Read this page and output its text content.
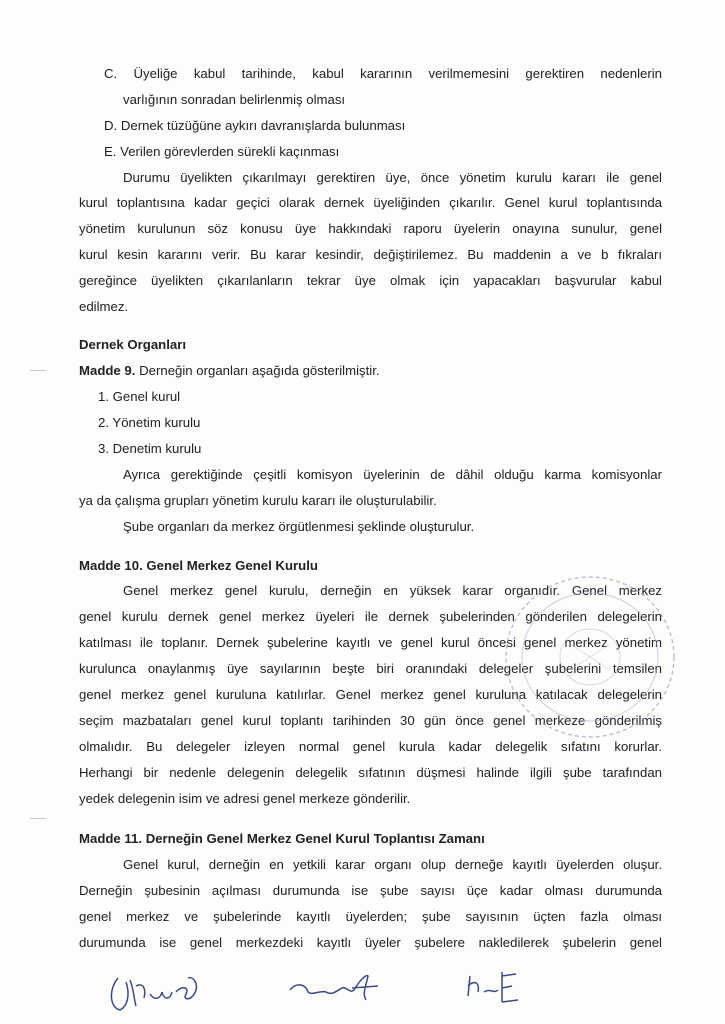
C. Üyeliğe kabul tarihinde, kabul kararının verilmemesini gerektiren nedenlerin
varlığının sonradan belirlenmiş olması
D. Dernek tüzüğüne aykırı davranışlarda bulunması
E. Verilen görevlerden sürekli kaçınması
Durumu üyelikten çıkarılmayı gerektiren üye, önce yönetim kurulu kararı ile genel
kurul toplantısına kadar geçici olarak dernek üyeliğinden çıkarılır. Genel kurul toplantısında
yönetim kurulunun söz konusu üye hakkındaki raporu üyelerin onayına sunulur, genel
kurul kesin kararını verir. Bu karar kesindir, değiştirilemez. Bu maddenin a ve b fıkraları
gereğince üyelikten çıkarılanların tekrar üye olmak için yapacakları başvurular kabul
edilmez.
Dernek Organları
Madde 9. Derneğin organları aşağıda gösterilmiştir.
1. Genel kurul
2. Yönetim kurulu
3. Denetim kurulu
Ayrıca gerektiğinde çeşitli komisyon üyelerinin de dâhil olduğu karma komisyonlar
ya da çalışma grupları yönetim kurulu kararı ile oluşturulabilir.
Şube organları da merkez örgütlenmesi şeklinde oluşturulur.
Madde 10. Genel Merkez Genel Kurulu
Genel merkez genel kurulu, derneğin en yüksek karar organıdır. Genel merkez
genel kurulu dernek genel merkez üyeleri ile dernek şubelerinden gönderilen delegelerin
katılması ile toplanır. Dernek şubelerine kayıtlı ve genel kurul öncesi genel merkez yönetim
kurulunca onaylanmış üye sayılarının beşte biri oranındaki delegeler şubelerini temsilen
genel merkez genel kuruluna katılırlar. Genel merkez genel kuruluna katılacak delegelerin
seçim mazbataları genel kurul toplantı tarihinden 30 gün önce genel merkeze gönderilmiş
olmalıdır. Bu delegeler izleyen normal genel kurula kadar delegelik sıfatını korurlar.
Herhangi bir nedenle delegenin delegelik sıfatının düşmesi halinde ilgili şube tarafından
yedek delegenin isim ve adresi genel merkeze gönderilir.
Madde 11. Derneğin Genel Merkez Genel Kurul Toplantısı Zamanı
Genel kurul, derneğin en yetkili karar organı olup derneğe kayıtlı üyelerden oluşur.
Derneğin şubesinin açılması durumunda ise şube sayısı üçe kadar olması durumunda
genel merkez ve şubelerinde kayıtlı üyelerden; şube sayısının üçten fazla olması
durumunda ise genel merkezdeki kayıtlı üyeler şubelere nakledilerek şubelerin genel
